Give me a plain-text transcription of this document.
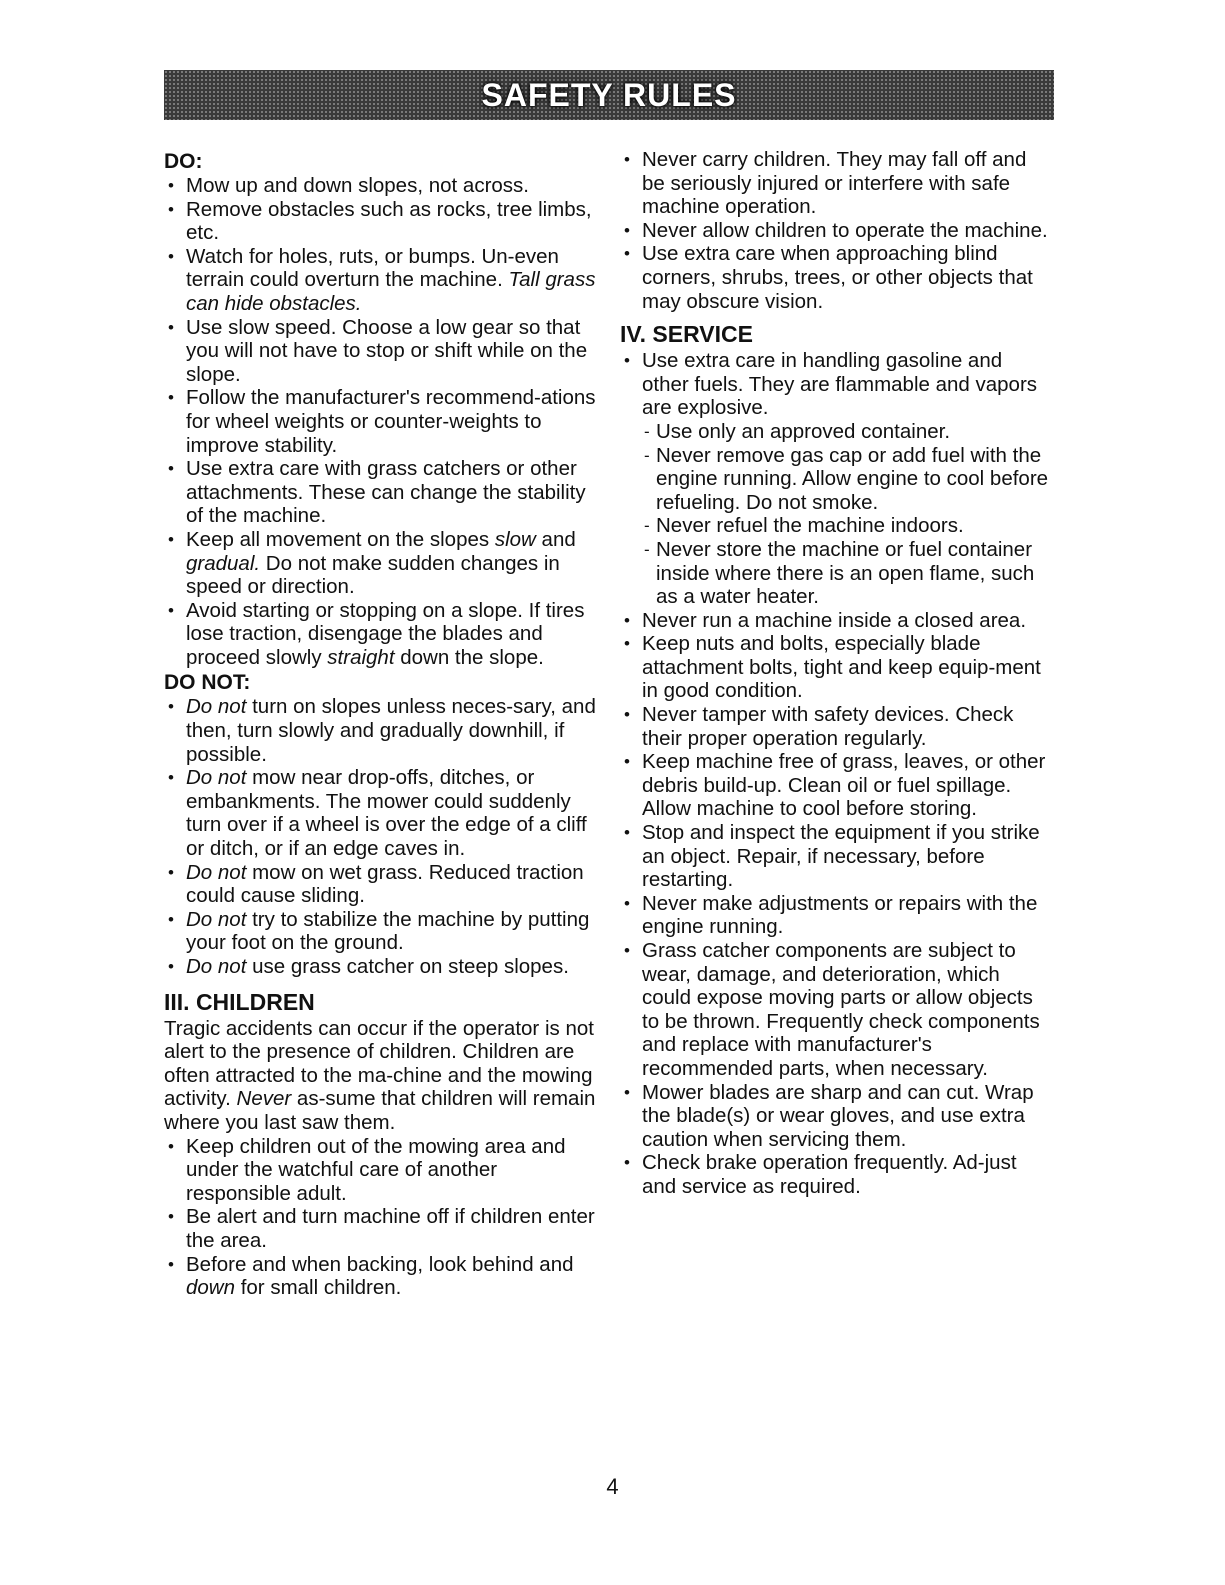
SAFETY RULES
DO:
• Mow up and down slopes, not across.
• Remove obstacles such as rocks, tree limbs, etc.
• Watch for holes, ruts, or bumps. Un-even terrain could overturn the machine. Tall grass can hide obstacles.
• Use slow speed. Choose a low gear so that you will not have to stop or shift while on the slope.
• Follow the manufacturer's recommend-ations for wheel weights or counter-weights to improve stability.
• Use extra care with grass catchers or other attachments. These can change the stability of the machine.
• Keep all movement on the slopes slow and gradual. Do not make sudden changes in speed or direction.
• Avoid starting or stopping on a slope. If tires lose traction, disengage the blades and proceed slowly straight down the slope.
DO NOT:
• Do not turn on slopes unless neces-sary, and then, turn slowly and gradually downhill, if possible.
• Do not mow near drop-offs, ditches, or embankments. The mower could suddenly turn over if a wheel is over the edge of a cliff or ditch, or if an edge caves in.
• Do not mow on wet grass. Reduced traction could cause sliding.
• Do not try to stabilize the machine by putting your foot on the ground.
• Do not use grass catcher on steep slopes.
III. CHILDREN

Tragic accidents can occur if the operator is not alert to the presence of children. Children are often attracted to the ma-chine and the mowing activity. Never as-sume that children will remain where you last saw them.

• Keep children out of the mowing area and under the watchful care of another responsible adult.
• Be alert and turn machine off if children enter the area.
• Before and when backing, look behind and down for small children.
• Never carry children. They may fall off and be seriously injured or interfere with safe machine operation.
• Never allow children to operate the machine.
• Use extra care when approaching blind corners, shrubs, trees, or other objects that may obscure vision.
IV. SERVICE
• Use extra care in handling gasoline and other fuels. They are flammable and vapors are explosive.
- Use only an approved container.
- Never remove gas cap or add fuel with the engine running. Allow engine to cool before refueling. Do not smoke.
- Never refuel the machine indoors.
- Never store the machine or fuel container inside where there is an open flame, such as a water heater.
• Never run a machine inside a closed area.
• Keep nuts and bolts, especially blade attachment bolts, tight and keep equip-ment in good condition.
• Never tamper with safety devices. Check their proper operation regularly.
• Keep machine free of grass, leaves, or other debris build-up. Clean oil or fuel spillage. Allow machine to cool before storing.
• Stop and inspect the equipment if you strike an object. Repair, if necessary, before restarting.
• Never make adjustments or repairs with the engine running.
• Grass catcher components are subject to wear, damage, and deterioration, which could expose moving parts or allow objects to be thrown. Frequently check components and replace with manufacturer's recommended parts, when necessary.
• Mower blades are sharp and can cut. Wrap the blade(s) or wear gloves, and use extra caution when servicing them.
• Check brake operation frequently. Ad-just and service as required.
4
